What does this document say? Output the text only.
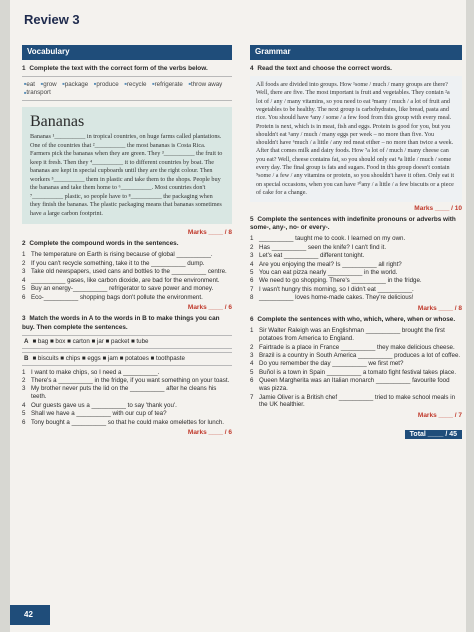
Review 3
Vocabulary
1 Complete the text with the correct form of the verbs below.
■ eat ■ grow ■ package ■ produce ■ recycle ■ refrigerate ■ throw away ■ transport
Bananas

Bananas ¹__________ in tropical countries, on huge farms called plantations. One of the countries that ²__________ the most bananas is Costa Rica. Farmers pick the bananas when they are green. They ³__________ the fruit to keep it fresh. Then they ⁴__________ it to different countries by boat. The bananas are kept in special cupboards until they are the right colour. Then workers ⁵__________ them in plastic and take them to the shops. People buy the bananas and take them home to ⁶__________. Most countries don't ⁷__________ plastic, so people have to ⁸__________ the packaging when they finish the bananas. The plastic packaging means that bananas sometimes have a large carbon footprint.

Marks ____ / 8
2 Complete the compound words in the sentences.
1 The temperature on Earth is rising because of global __________.
2 If you can't recycle something, take it to the __________ dump.
3 Take old newspapers, used cans and bottles to the __________ centre.
4 __________ gases, like carbon dioxide, are bad for the environment.
5 Buy an energy-__________ refrigerator to save power and money.
6 Eco-__________ shopping bags don't pollute the environment.
Marks ____ / 6
3 Match the words in A to the words in B to make things you can buy. Then complete the sentences.
A ■ bag ■ box ■ carton ■ jar ■ packet ■ tube
B ■ biscuits ■ chips ■ eggs ■ jam ■ potatoes ■ toothpaste
1 I want to make chips, so I need a __________.
2 There's a __________ in the fridge, if you want something on your toast.
3 My brother never puts the lid on the __________ after he cleans his teeth.
4 Our guests gave us a __________ to say 'thank you'.
5 Shall we have a __________ with our cup of tea?
6 Tony bought a __________ so that he could make omelettes for lunch.
Marks ____ / 6
Grammar
4 Read the text and choose the correct words.
All foods are divided into groups. How ¹some / much / many groups are there? Well, there are five. The most important is fruit and vegetables. They contain ²a lot of / any / many vitamins, so you need to eat ³many / much / a lot of fruit and vegetables to be healthy. The next group is carbohydrates, like bread, pasta and rice. You should have ⁴any / some / a few food from this group with every meal. Protein is next, which is in meat, fish and eggs. Protein is good for you, but you shouldn't eat ⁵any / much / many eggs per week – no more than five. You shouldn't have ⁶much / a little / any red meat either – no more than twice a week. After that comes milk and dairy foods. How ⁷a lot of / much / many cheese can you eat? Well, cheese contains fat, so you should only eat ⁸a little / much / some every day. The final group is fats and sugars. Food in this group doesn't contain ⁹some / a few / any vitamins or protein, so you shouldn't have it often. Only eat it on special occasions, when you can have ¹⁰any / a little / a few biscuits or a piece of cake for a change.
Marks ____ / 10
5 Complete the sentences with indefinite pronouns or adverbs with some-, any-, no- or every-.
1 __________ taught me to cook. I learned on my own.
2 Has __________ seen the knife? I can't find it.
3 Let's eat __________ different tonight.
4 Are you enjoying the meal? Is __________ all right?
5 You can eat pizza nearly __________ in the world.
6 We need to go shopping. There's __________ in the fridge.
7 I wasn't hungry this morning, so I didn't eat __________.
8 __________ loves home-made cakes. They're delicious!
Marks ____ / 8
6 Complete the sentences with who, which, where, when or whose.
1 Sir Walter Raleigh was an Englishman __________ brought the first potatoes from America to England.
2 Fairtrade is a place in France __________ they make delicious cheese.
3 Brazil is a country in South America __________ produces a lot of coffee.
4 Do you remember the day __________ we first met?
5 Buñol is a town in Spain __________ a tomato fight festival takes place.
6 Queen Margherita was an Italian monarch __________ favourite food was pizza.
7 Jamie Oliver is a British chef __________ tried to make school meals in the UK healthier.
Marks ____ / 7
Total ____ / 45
42
